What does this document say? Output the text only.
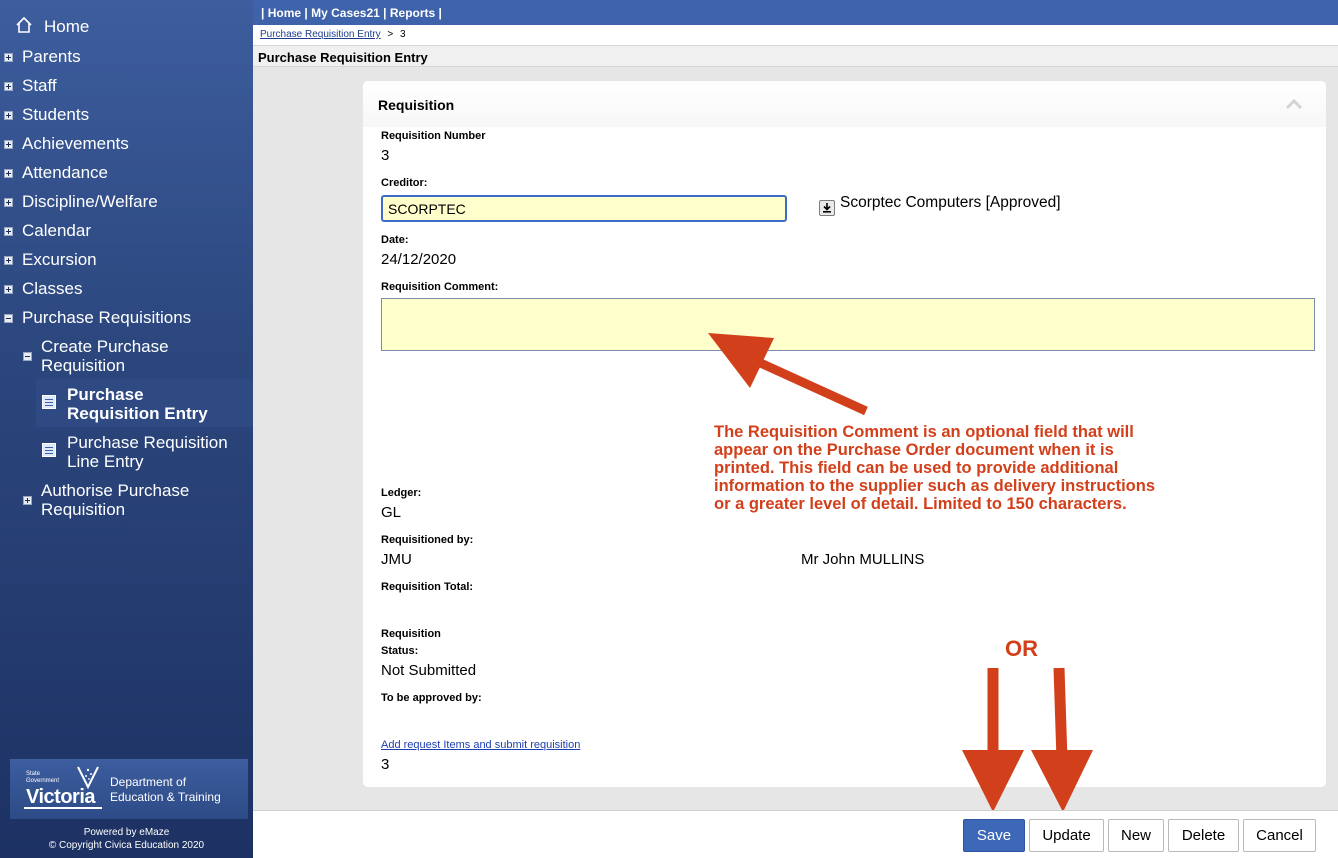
Home
Parents
Staff
Students
Achievements
Attendance
Discipline/Welfare
Calendar
Excursion
Classes
Purchase Requisitions
Create Purchase
Requisition
Purchase
Requisition Entry
Purchase Requisition
Line Entry
Authorise Purchase
Requisition
State
Government
Victoria
Department of
Education & Training
Powered by eMaze
© Copyright Civica Education 2020
| Home | My Cases21 | Reports |
Purchase Requisition Entry > 3
Purchase Requisition Entry
Requisition
Requisition Number
3
Creditor:
SCORPTEC
Scorptec Computers [Approved]
Date:
24/12/2020
Requisition Comment:
Ledger:
GL
Requisitioned by:
JMU	Mr John MULLINS
Requisition Total:
Requisition
Status:
Not Submitted
To be approved by:
Add request Items and submit requisition
3
The Requisition Comment is an optional field that will
appear on the Purchase Order document when it is
printed. This field can be used to provide additional
information to the supplier such as delivery instructions
or a greater level of detail. Limited to 150 characters.
OR
Save	Update	New	Delete	Cancel
